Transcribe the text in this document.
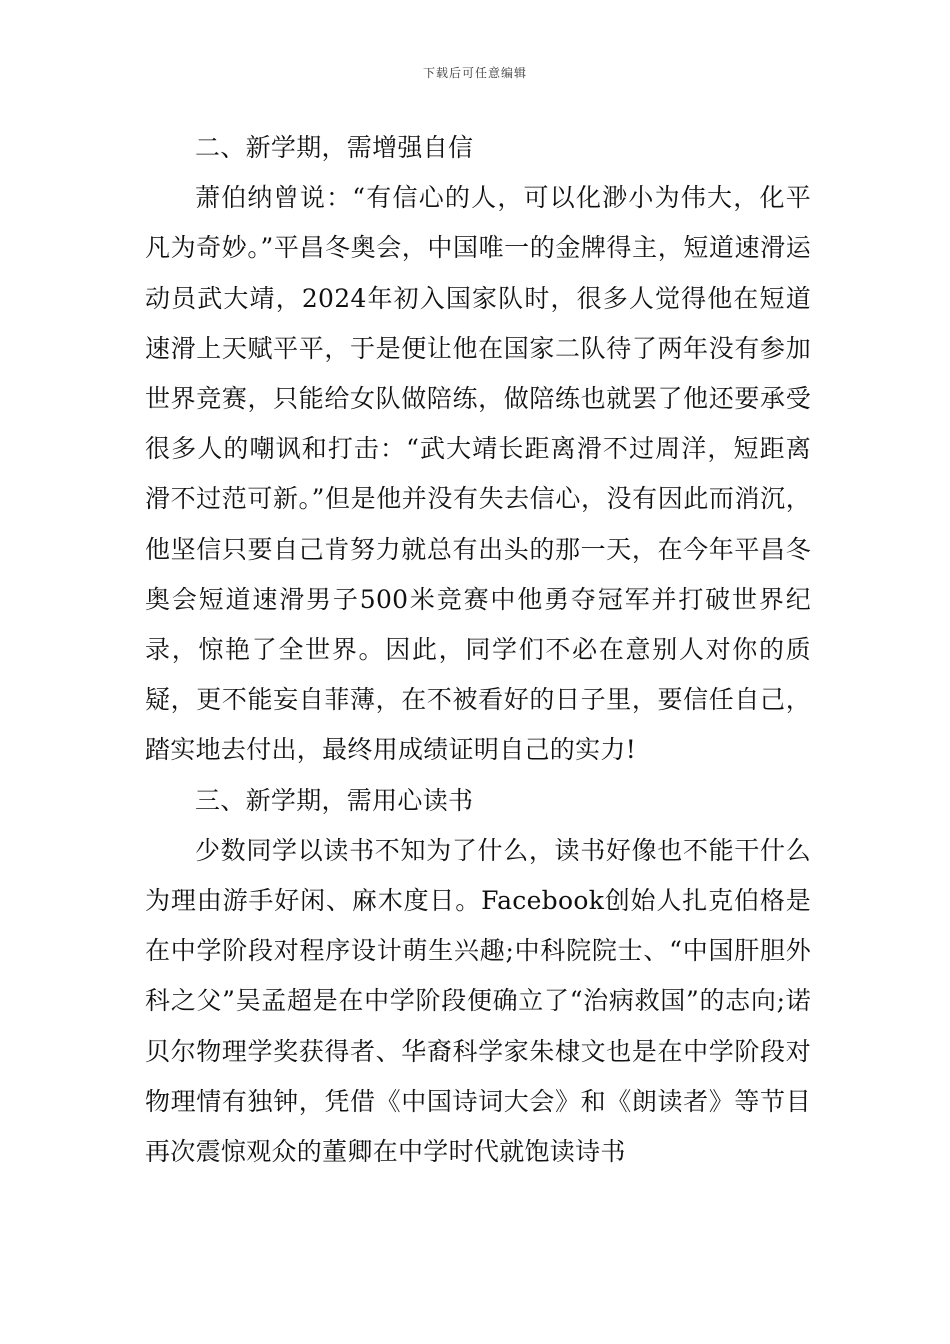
下载后可任意编辑

二、新学期，需增强自信

萧伯纳曾说：“有信心的人，可以化渺小为伟大，化平凡为奇妙。”平昌冬奥会，中国唯一的金牌得主，短道速滑运动员武大靖，2024年初入国家队时，很多人觉得他在短道速滑上天赋平平，于是便让他在国家二队待了两年没有参加世界竞赛，只能给女队做陪练，做陪练也就罢了他还要承受很多人的嘲讽和打击：“武大靖长距离滑不过周洋，短距离滑不过范可新。”但是他并没有失去信心，没有因此而消沉，他坚信只要自己肯努力就总有出头的那一天，在今年平昌冬奥会短道速滑男子500米竞赛中他勇夺冠军并打破世界纪录，惊艳了全世界。因此，同学们不必在意别人对你的质疑，更不能妄自菲薄，在不被看好的日子里，要信任自己，踏实地去付出，最终用成绩证明自己的实力!

三、新学期，需用心读书

少数同学以读书不知为了什么，读书好像也不能干什么为理由游手好闲、麻木度日。Facebook创始人扎克伯格是在中学阶段对程序设计萌生兴趣;中科院院士、“中国肝胆外科之父”吴孟超是在中学阶段便确立了“治病救国”的志向;诺贝尔物理学奖获得者、华裔科学家朱棣文也是在中学阶段对物理情有独钟，凭借《中国诗词大会》和《朗读者》等节目再次震惊观众的董卿在中学时代就饱读诗书
